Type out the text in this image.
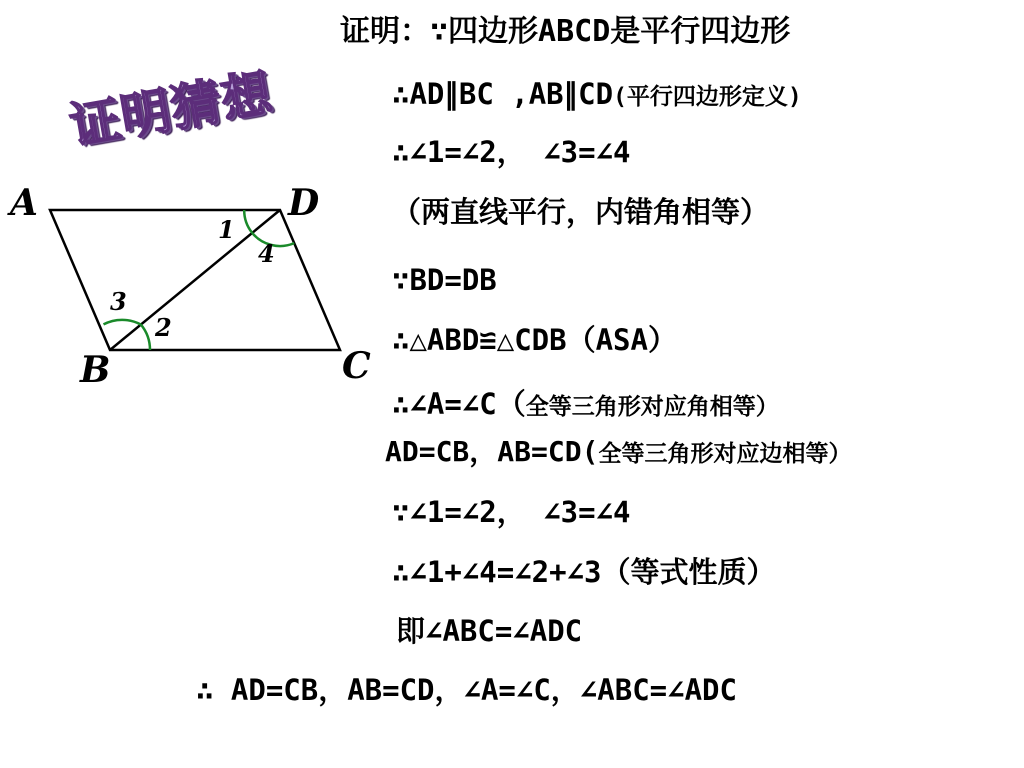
证明猜想
A	D
B	C
1
4
3
2
证明：∵四边形ABCD是平行四边形
∴AD∥BC ,AB∥CD(平行四边形定义)
∴∠1=∠2， ∠3=∠4
（两直线平行，内错角相等）
∵BD=DB
∴△ABD≌△CDB（ASA）
∴∠A=∠C（全等三角形对应角相等）
AD=CB，AB=CD(全等三角形对应边相等）
∵∠1=∠2， ∠3=∠4
∴∠1+∠4=∠2+∠3（等式性质）
即∠ABC=∠ADC
∴ AD=CB，AB=CD，∠A=∠C，∠ABC=∠ADC
